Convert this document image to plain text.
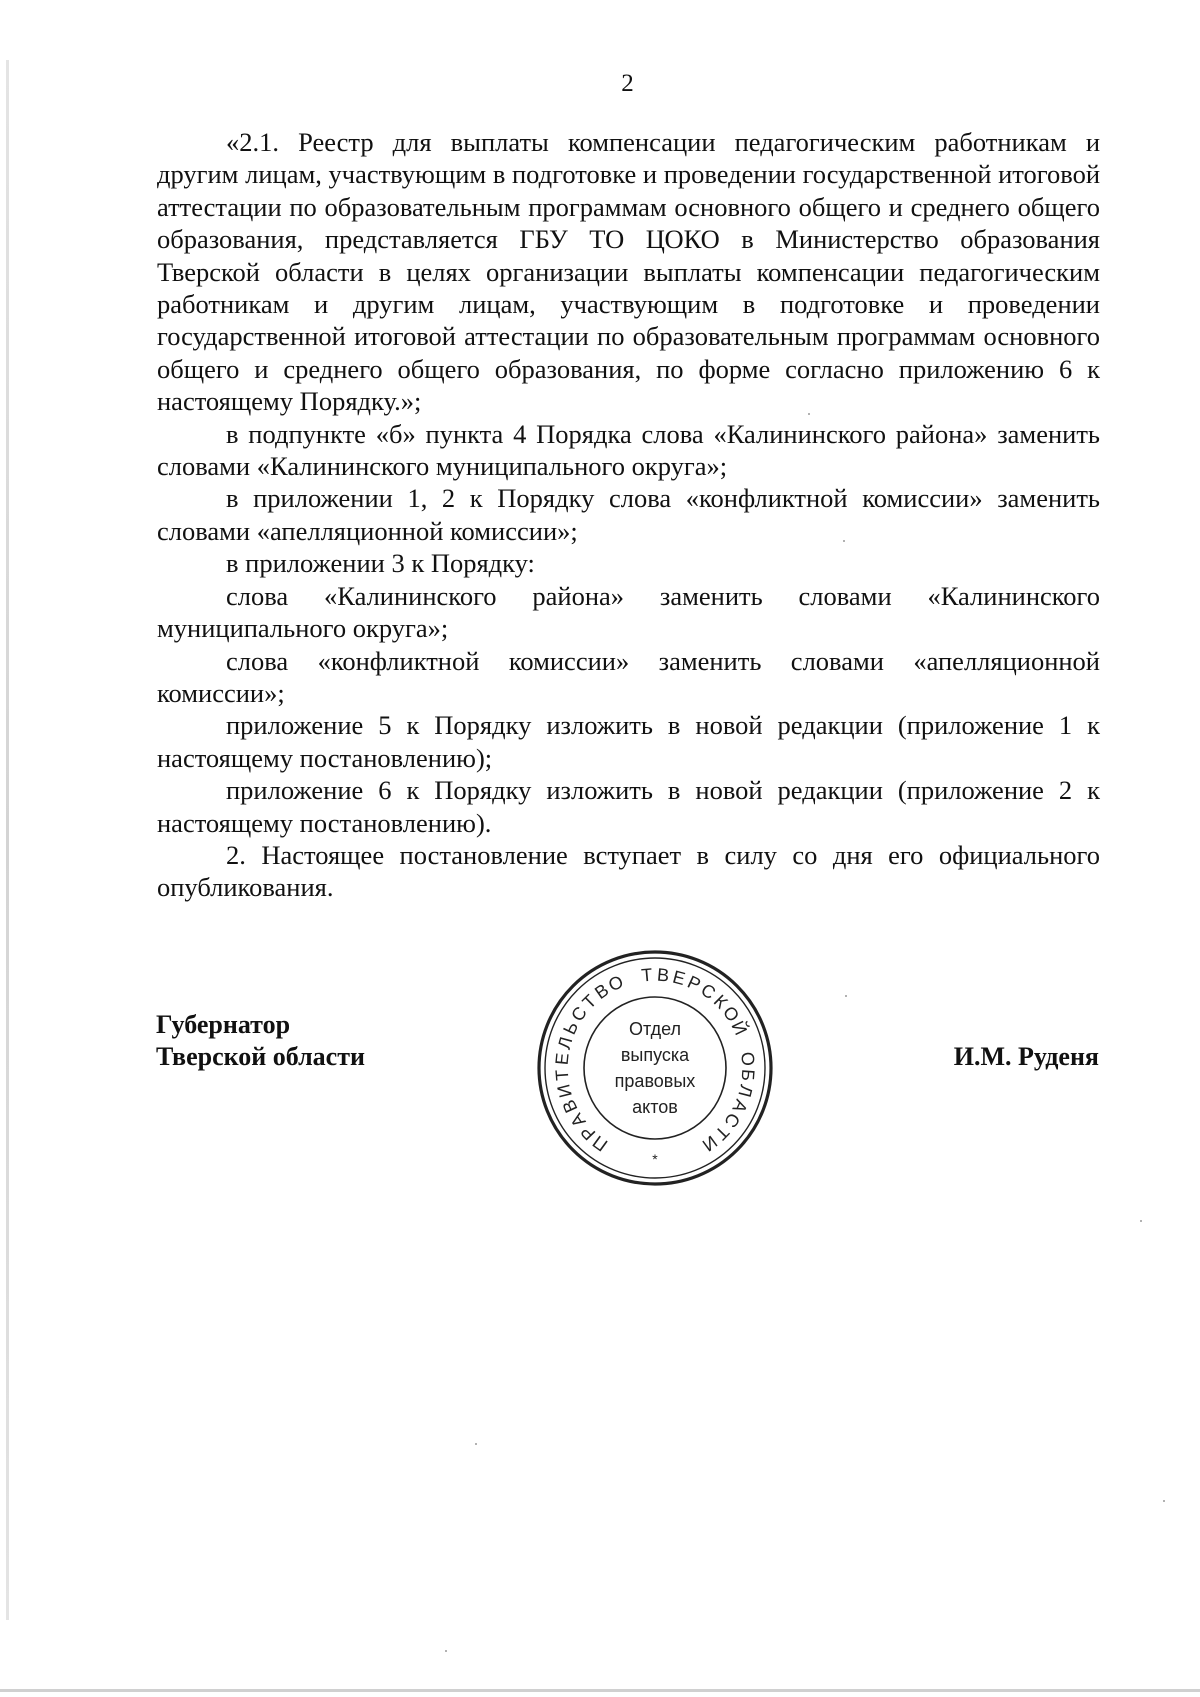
2

«2.1. Реестр для выплаты компенсации педагогическим работникам и другим лицам, участвующим в подготовке и проведении государственной итоговой аттестации по образовательным программам основного общего и среднего общего образования, представляется ГБУ ТО ЦОКО в Министерство образования Тверской области в целях организации выплаты компенсации педагогическим работникам и другим лицам, участвующим в подготовке и проведении государственной итоговой аттестации по образовательным программам основного общего и среднего общего образования, по форме согласно приложению 6 к настоящему Порядку.»;

в подпункте «б» пункта 4 Порядка слова «Калининского района» заменить словами «Калининского муниципального округа»;

в приложении 1, 2 к Порядку слова «конфликтной комиссии» заменить словами «апелляционной комиссии»;

в приложении 3 к Порядку:

слова «Калининского района» заменить словами «Калининского муниципального округа»;

слова «конфликтной комиссии» заменить словами «апелляционной комиссии»;

приложение 5 к Порядку изложить в новой редакции (приложение 1 к настоящему постановлению);

приложение 6 к Порядку изложить в новой редакции (приложение 2 к настоящему постановлению).

2. Настоящее постановление вступает в силу со дня его официального опубликования.

Губернатор
Тверской области
П
Р
А
В
И
Т
Е
Л
Ь
С
Т
В
О Т В Е
Р
С
К
О
Й
О
Б
Л
А
С
Т
И
*
Отдел
выпуска
правовых
актов
И.М. Руденя
